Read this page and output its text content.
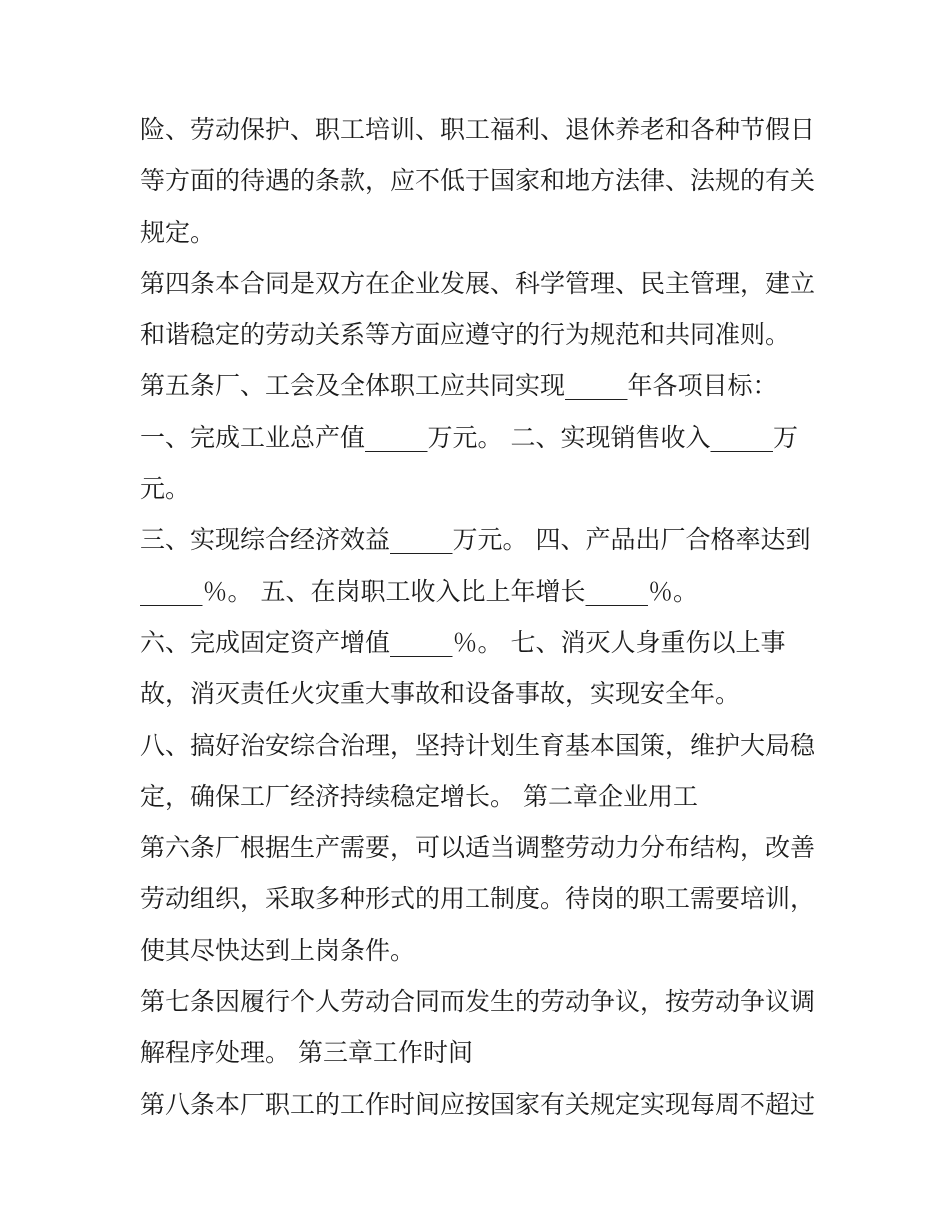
险、劳动保护、职工培训、职工福利、退休养老和各种节假日
等方面的待遇的条款，应不低于国家和地方法律、法规的有关
规定。
第四条本合同是双方在企业发展、科学管理、民主管理，建立
和谐稳定的劳动关系等方面应遵守的行为规范和共同准则。
第五条厂、工会及全体职工应共同实现_____年各项目标：
一、完成工业总产值_____万元。 二、实现销售收入_____万
元。
三、实现综合经济效益_____万元。 四、产品出厂合格率达到
_____％。 五、在岗职工收入比上年增长_____％。
六、完成固定资产增值_____％。 七、消灭人身重伤以上事
故，消灭责任火灾重大事故和设备事故，实现安全年。
八、搞好治安综合治理，坚持计划生育基本国策，维护大局稳
定，确保工厂经济持续稳定增长。 第二章企业用工
第六条厂根据生产需要，可以适当调整劳动力分布结构，改善
劳动组织，采取多种形式的用工制度。待岗的职工需要培训，
使其尽快达到上岗条件。
第七条因履行个人劳动合同而发生的劳动争议，按劳动争议调
解程序处理。 第三章工作时间
第八条本厂职工的工作时间应按国家有关规定实现每周不超过
